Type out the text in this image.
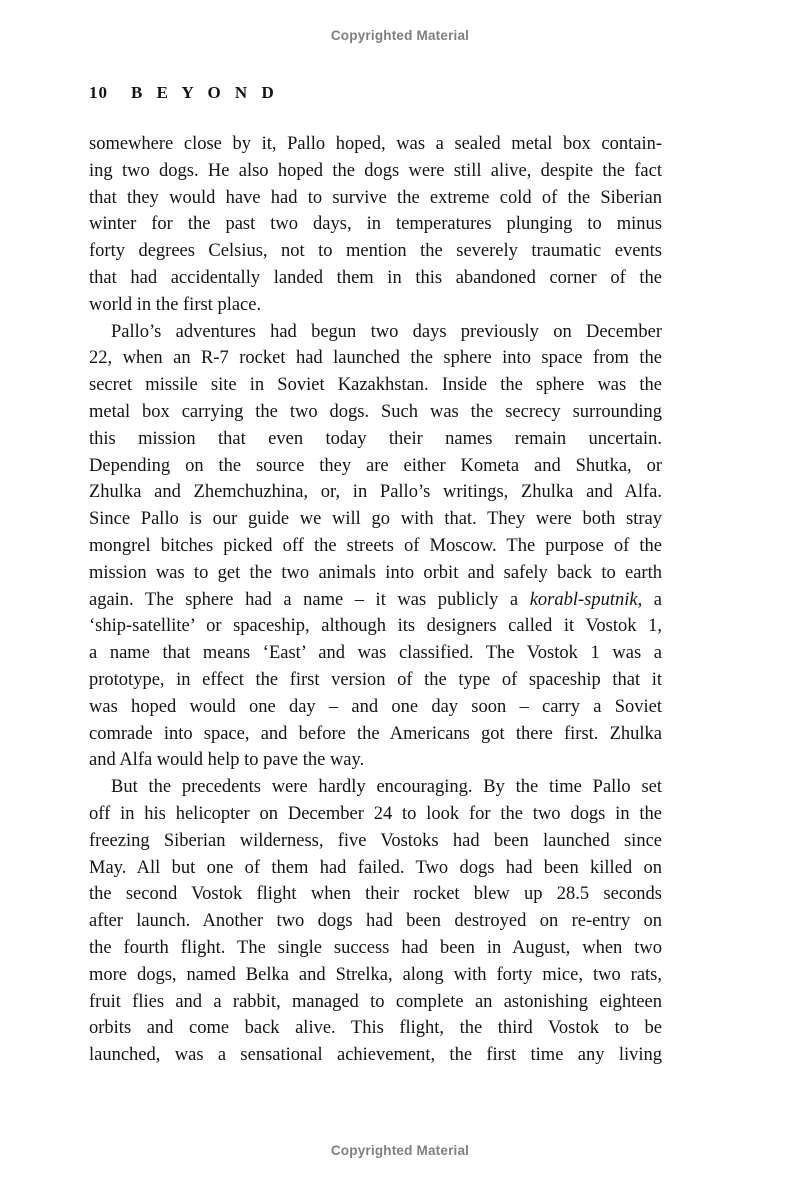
Copyrighted Material
10 B E Y O N D
somewhere close by it, Pallo hoped, was a sealed metal box contain-
ing two dogs. He also hoped the dogs were still alive, despite the fact
that they would have had to survive the extreme cold of the Siberian
winter for the past two days, in temperatures plunging to minus
forty degrees Celsius, not to mention the severely traumatic events
that had accidentally landed them in this abandoned corner of the
world in the first place.
Pallo’s adventures had begun two days previously on December
22, when an R-7 rocket had launched the sphere into space from the
secret missile site in Soviet Kazakhstan. Inside the sphere was the
metal box carrying the two dogs. Such was the secrecy surrounding
this mission that even today their names remain uncertain.
Depending on the source they are either Kometa and Shutka, or
Zhulka and Zhemchuzhina, or, in Pallo’s writings, Zhulka and Alfa.
Since Pallo is our guide we will go with that. They were both stray
mongrel bitches picked off the streets of Moscow. The purpose of the
mission was to get the two animals into orbit and safely back to earth
again. The sphere had a name – it was publicly a korabl-sputnik, a
‘ship-satellite’ or spaceship, although its designers called it Vostok 1,
a name that means ‘East’ and was classified. The Vostok 1 was a
prototype, in effect the first version of the type of spaceship that it
was hoped would one day – and one day soon – carry a Soviet
comrade into space, and before the Americans got there first. Zhulka
and Alfa would help to pave the way.
But the precedents were hardly encouraging. By the time Pallo set
off in his helicopter on December 24 to look for the two dogs in the
freezing Siberian wilderness, five Vostoks had been launched since
May. All but one of them had failed. Two dogs had been killed on
the second Vostok flight when their rocket blew up 28.5 seconds
after launch. Another two dogs had been destroyed on re-entry on
the fourth flight. The single success had been in August, when two
more dogs, named Belka and Strelka, along with forty mice, two rats,
fruit flies and a rabbit, managed to complete an astonishing eighteen
orbits and come back alive. This flight, the third Vostok to be
launched, was a sensational achievement, the first time any living
Copyrighted Material
